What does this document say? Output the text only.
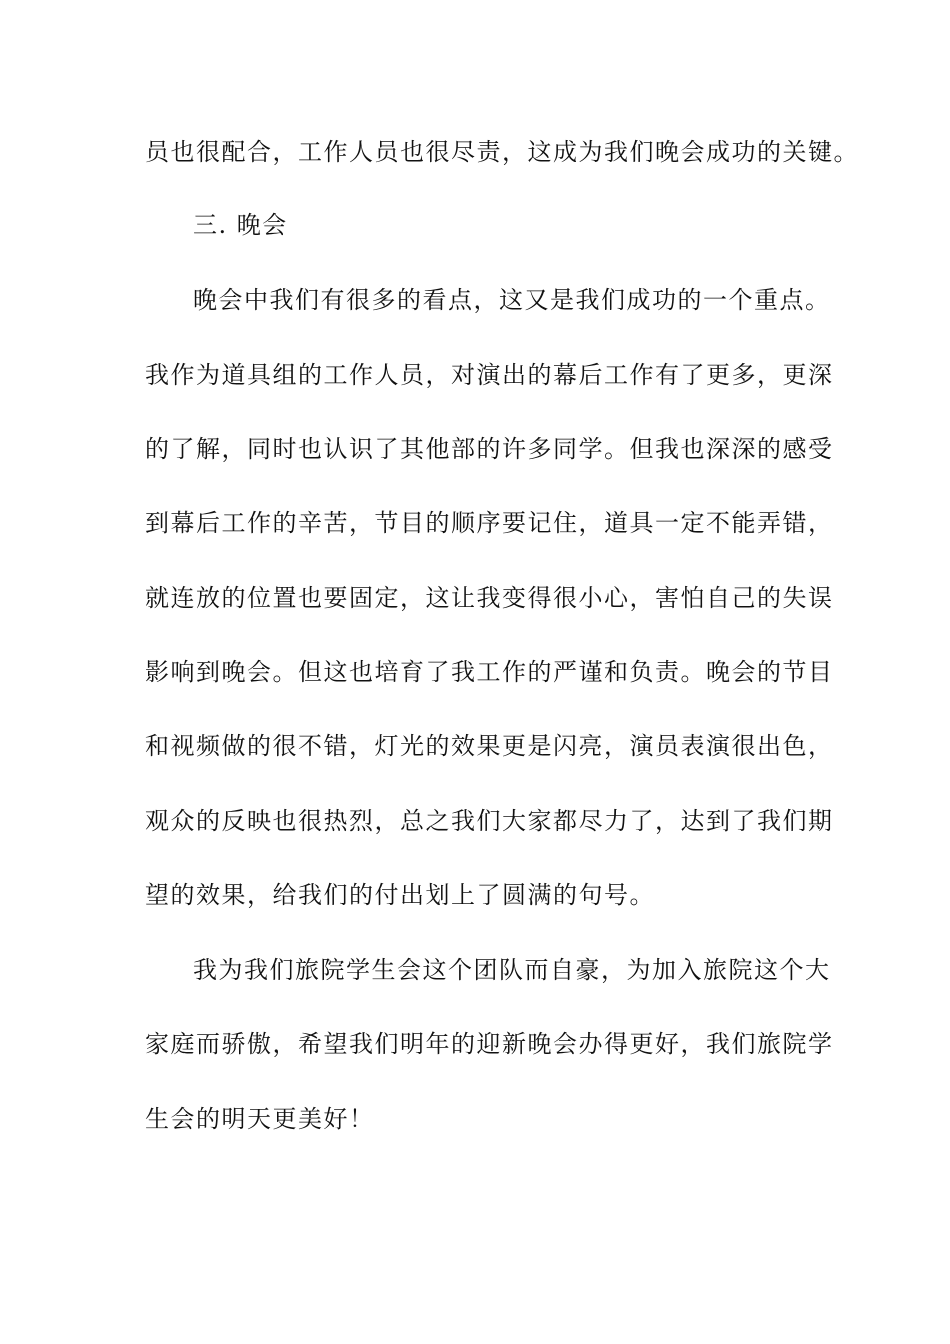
员也很配合，工作人员也很尽责，这成为我们晚会成功的关键。
三. 晚会
晚会中我们有很多的看点，这又是我们成功的一个重点。
我作为道具组的工作人员，对演出的幕后工作有了更多，更深
的了解，同时也认识了其他部的许多同学。但我也深深的感受
到幕后工作的辛苦，节目的顺序要记住，道具一定不能弄错，
就连放的位置也要固定，这让我变得很小心，害怕自己的失误
影响到晚会。但这也培育了我工作的严谨和负责。晚会的节目
和视频做的很不错，灯光的效果更是闪亮，演员表演很出色，
观众的反映也很热烈，总之我们大家都尽力了，达到了我们期
望的效果，给我们的付出划上了圆满的句号。
我为我们旅院学生会这个团队而自豪，为加入旅院这个大
家庭而骄傲，希望我们明年的迎新晚会办得更好，我们旅院学
生会的明天更美好！
